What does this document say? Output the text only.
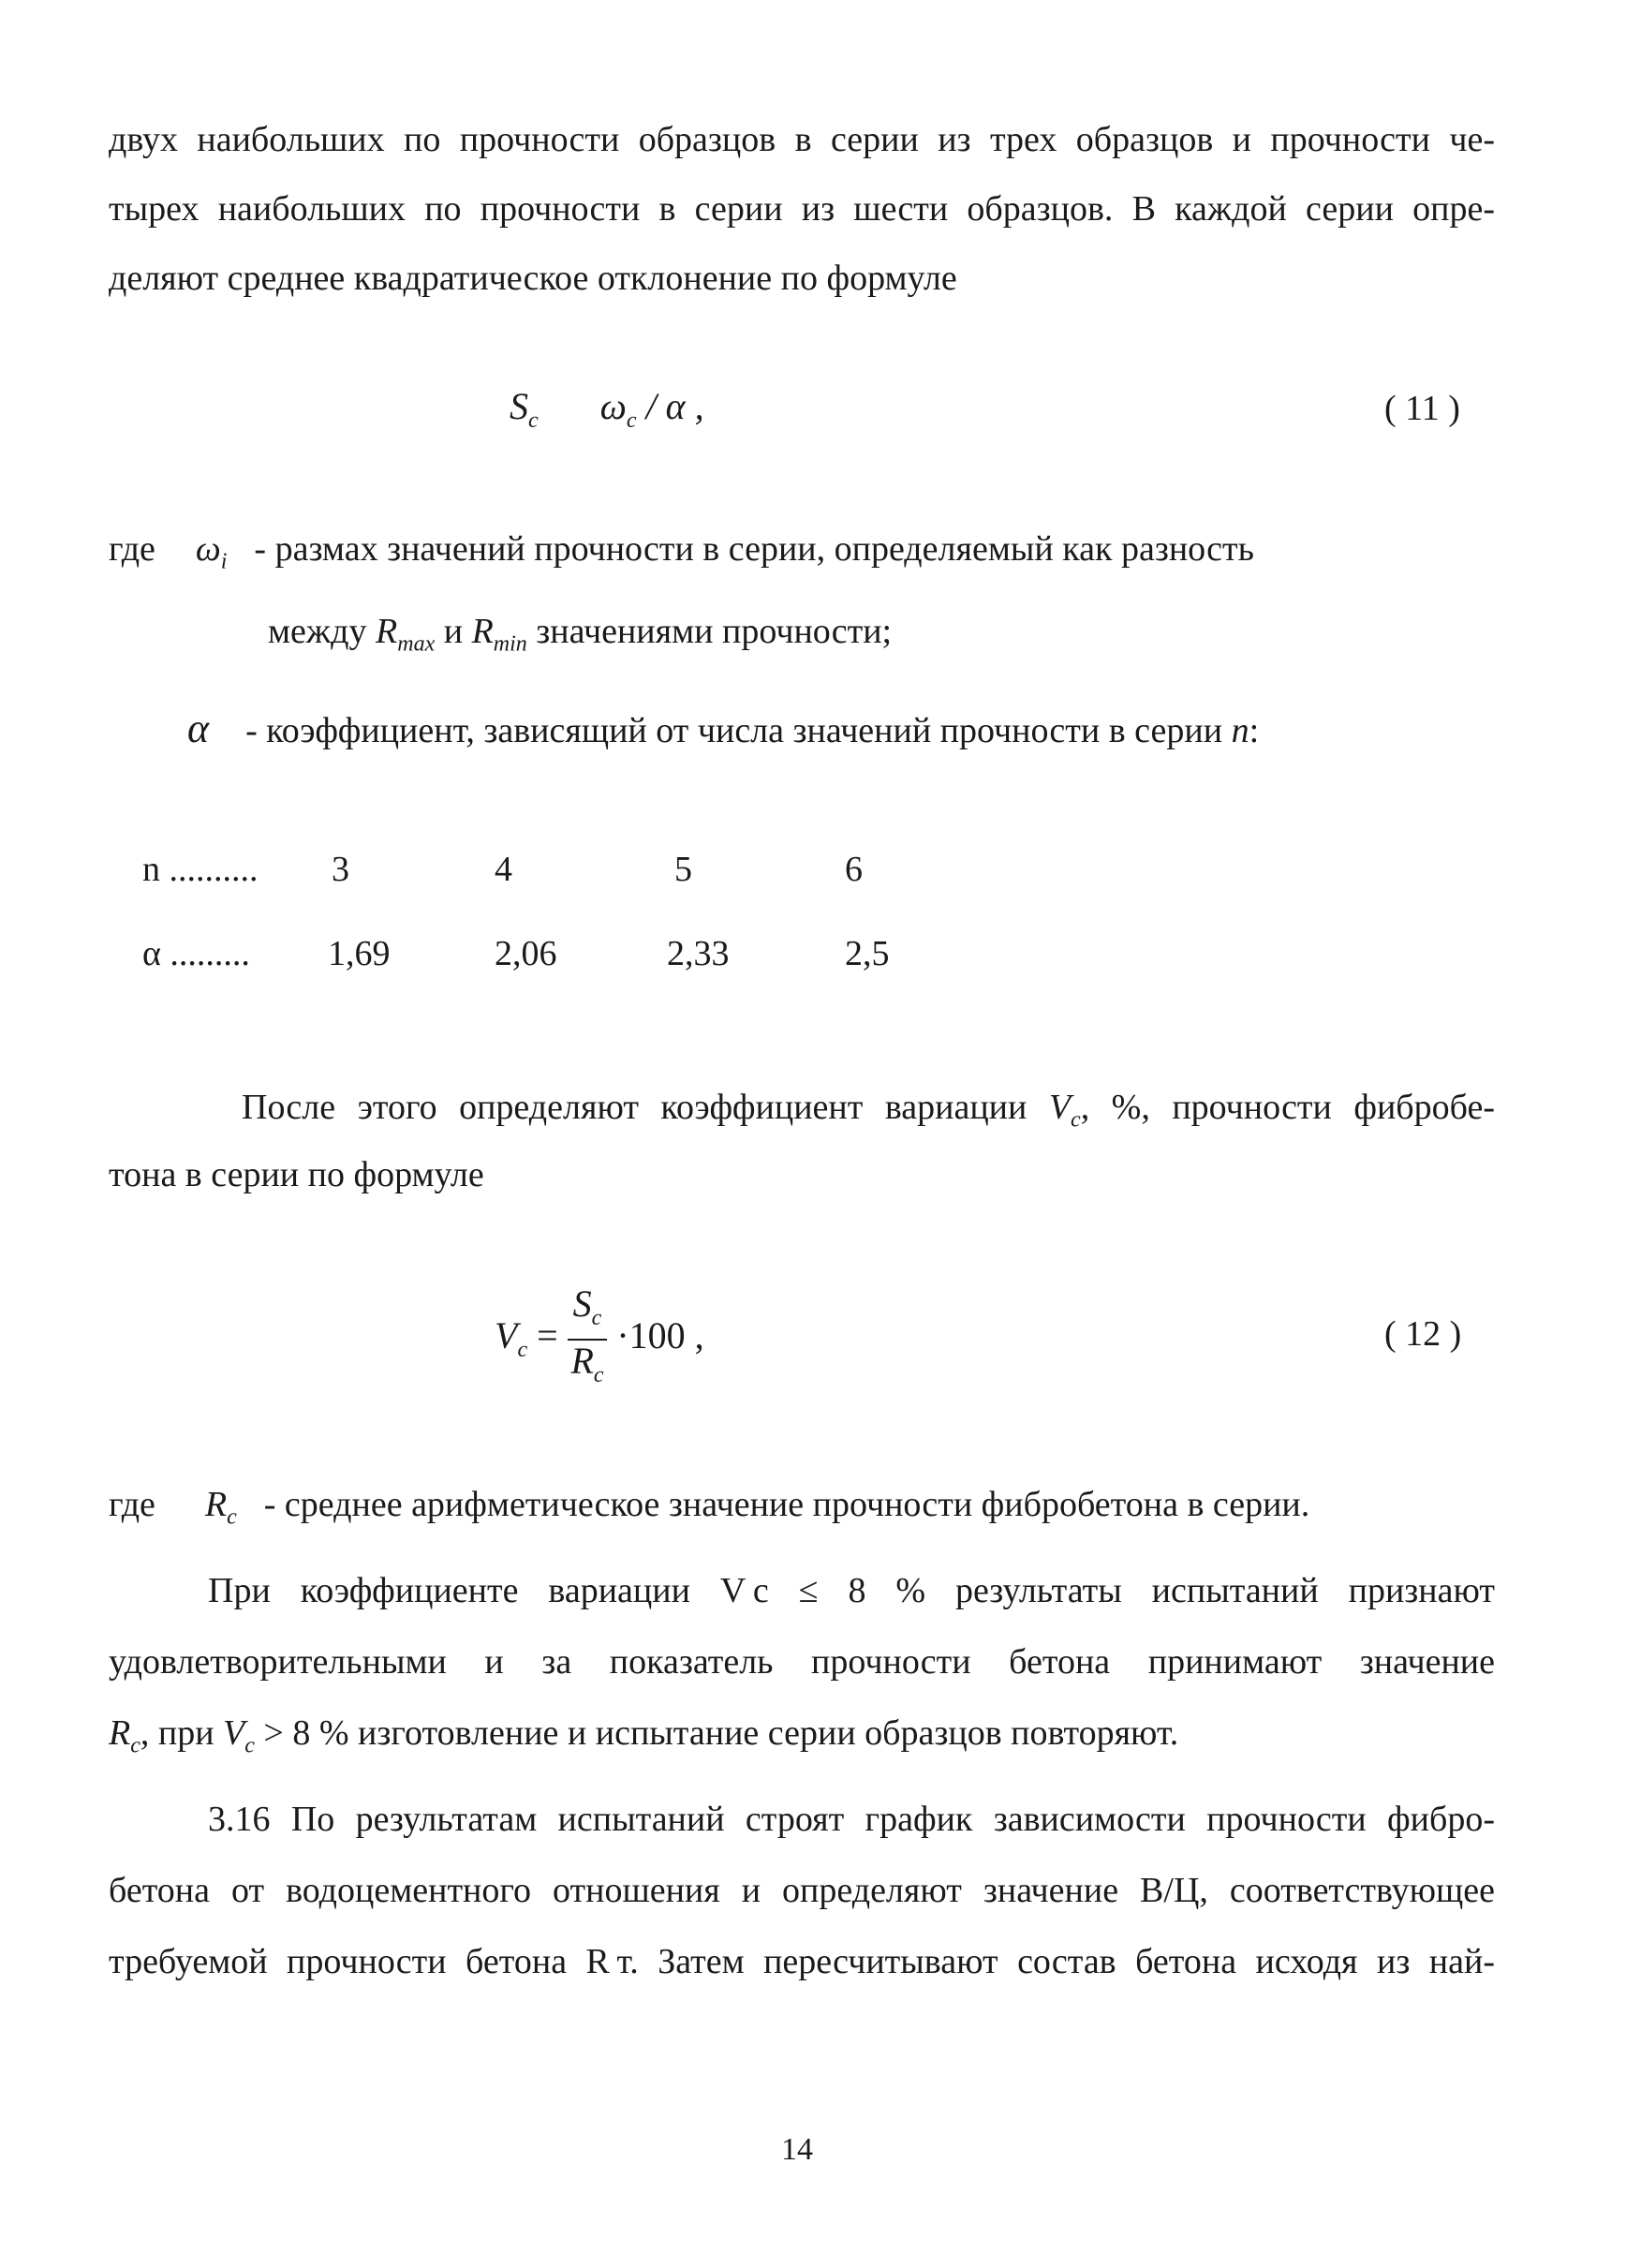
двух наибольших по прочности образцов в серии из трех образцов и прочности че-
тырех наибольших по прочности в серии из шести образцов. В каждой серии опре-
деляют среднее квадратическое отклонение по формуле
$S_c$ $\omega_c$ / α ,	( 11 )
где $\omega_i$ - размах значений прочности в серии, определяемый как разность
между $R_{max}$ и $R_{min}$ значениями прочности;
α - коэффициент, зависящий от числа значений прочности в серии n:
n .......... 3	4	5	6
α ......... 1,69	2,06	2,33	2,5
После этого определяют коэффициент вариации $V_c$, %, прочности фибробе-
тона в серии по формуле
$V_c = \frac{S_c}{R_c} \cdot 100$ ,	( 12 )
где $R_c$ - среднее арифметическое значение прочности фибробетона в серии.
При коэффициенте вариации V c ≤ 8 % результаты испытаний признают
удовлетворительными и за показатель прочности бетона принимают значение
$R_c$, при $V_c > 8$ % изготовление и испытание серии образцов повторяют.
3.16 По результатам испытаний строят график зависимости прочности фибро-
бетона от водоцементного отношения и определяют значение В/Ц, соответствующее
требуемой прочности бетона R т. Затем пересчитывают состав бетона исходя из най-
14
